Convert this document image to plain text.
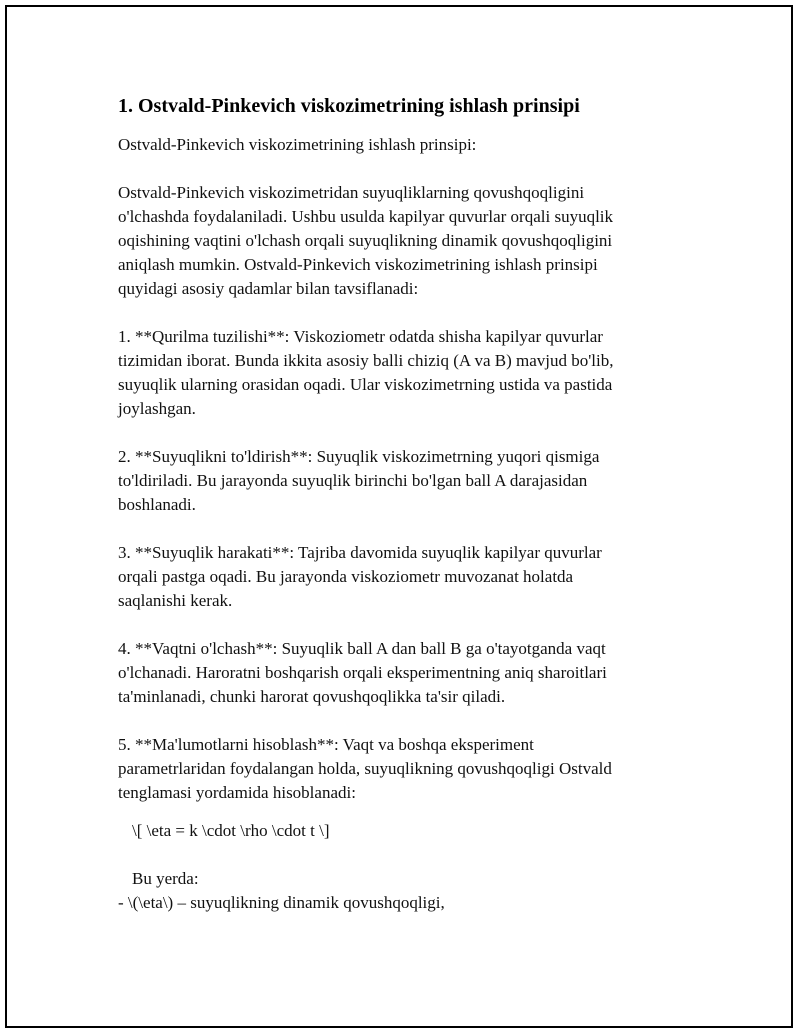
1. Ostvald-Pinkevich viskozimetrining ishlash prinsipi

Ostvald-Pinkevich viskozimetrining ishlash prinsipi:

Ostvald-Pinkevich viskozimetridan suyuqliklarning qovushqoqligini
o'lchashda foydalaniladi. Ushbu usulda kapilyar quvurlar orqali suyuqlik
oqishining vaqtini o'lchash orqali suyuqlikning dinamik qovushqoqligini
aniqlash mumkin. Ostvald-Pinkevich viskozimetrining ishlash prinsipi
quyidagi asosiy qadamlar bilan tavsiflanadi:

1. **Qurilma tuzilishi**: Viskoziometr odatda shisha kapilyar quvurlar
tizimidan iborat. Bunda ikkita asosiy balli chiziq (A va B) mavjud bo'lib,
suyuqlik ularning orasidan oqadi. Ular viskozimetrning ustida va pastida
joylashgan.

2. **Suyuqlikni to'ldirish**: Suyuqlik viskozimetrning yuqori qismiga
to'ldiriladi. Bu jarayonda suyuqlik birinchi bo'lgan ball A darajasidan
boshlanadi.

3. **Suyuqlik harakati**: Tajriba davomida suyuqlik kapilyar quvurlar
orqali pastga oqadi. Bu jarayonda viskoziometr muvozanat holatda
saqlanishi kerak.

4. **Vaqtni o'lchash**: Suyuqlik ball A dan ball B ga o'tayotganda vaqt
o'lchanadi. Haroratni boshqarish orqali eksperimentning aniq sharoitlari
ta'minlanadi, chunki harorat qovushqoqlikka ta'sir qiladi.

5. **Ma'lumotlarni hisoblash**: Vaqt va boshqa eksperiment
parametrlaridan foydalangan holda, suyuqlikning qovushqoqligi Ostvald
tenglamasi yordamida hisoblanadi:

\[ \eta = k \cdot \rho \cdot t \]

Bu yerda:

- \(\eta\) – suyuqlikning dinamik qovushqoqligi,
